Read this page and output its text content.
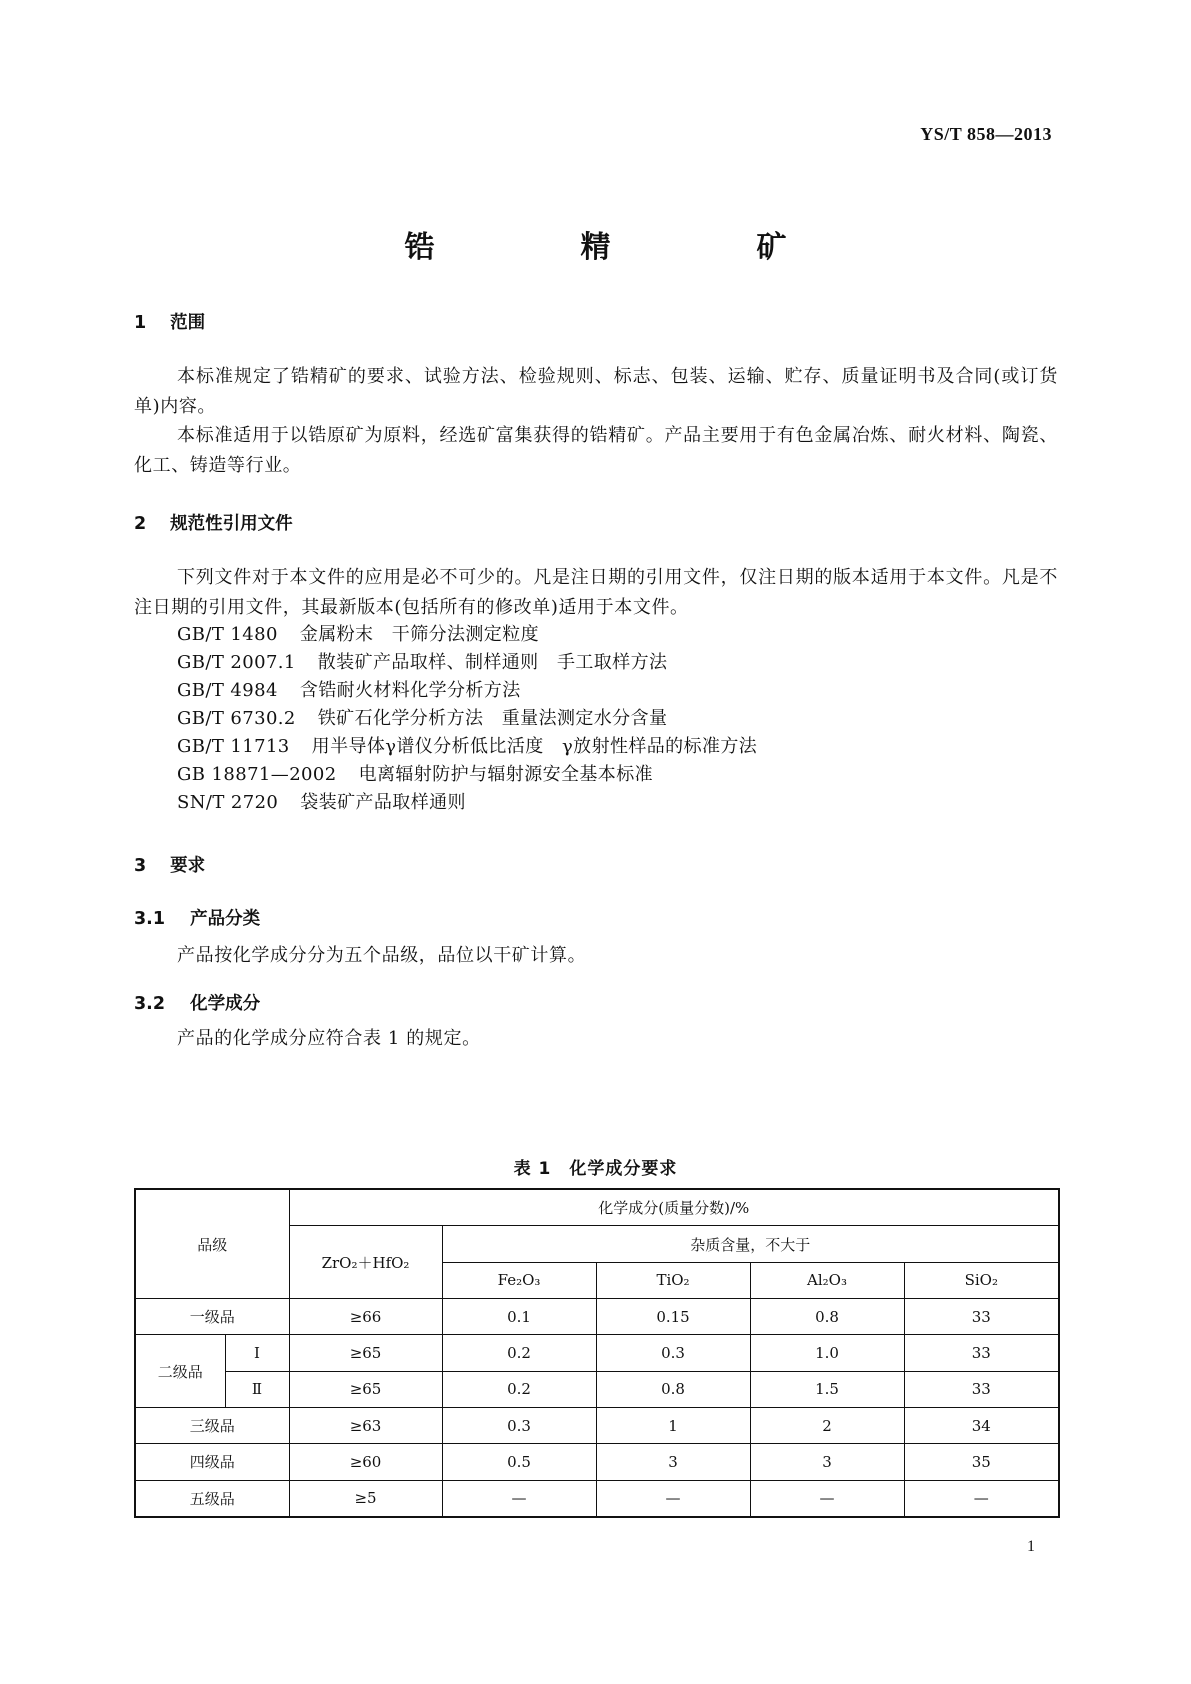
YS/T 858—2013
锆　精　矿
1 范围
本标准规定了锆精矿的要求、试验方法、检验规则、标志、包装、运输、贮存、质量证明书及合同(或订货单)内容。
本标准适用于以锆原矿为原料，经选矿富集获得的锆精矿。产品主要用于有色金属冶炼、耐火材料、陶瓷、化工、铸造等行业。
2 规范性引用文件
下列文件对于本文件的应用是必不可少的。凡是注日期的引用文件，仅注日期的版本适用于本文件。凡是不注日期的引用文件，其最新版本(包括所有的修改单)适用于本文件。
GB/T 1480 金属粉末　干筛分法测定粒度
GB/T 2007.1 散装矿产品取样、制样通则　手工取样方法
GB/T 4984 含锆耐火材料化学分析方法
GB/T 6730.2 铁矿石化学分析方法　重量法测定水分含量
GB/T 11713 用半导体γ谱仪分析低比活度　γ放射性样品的标准方法
GB 18871—2002 电离辐射防护与辐射源安全基本标准
SN/T 2720 袋装矿产品取样通则
3 要求
3.1 产品分类
产品按化学成分分为五个品级，品位以干矿计算。
3.2 化学成分
产品的化学成分应符合表 1 的规定。
表 1　化学成分要求
品级		化学成分(质量分数)/%				
		ZrO₂＋HfO₂	杂质含量，不大于			
			Fe₂O₃	TiO₂	Al₂O₃	SiO₂
一级品		≥66	0.1	0.15	0.8	33
二级品	Ⅰ	≥65	0.2	0.3	1.0	33
	Ⅱ	≥65	0.2	0.8	1.5	33
三级品		≥63	0.3	1	2	34
四级品		≥60	0.5	3	3	35
五级品		≥5	—	—	—	—
1
